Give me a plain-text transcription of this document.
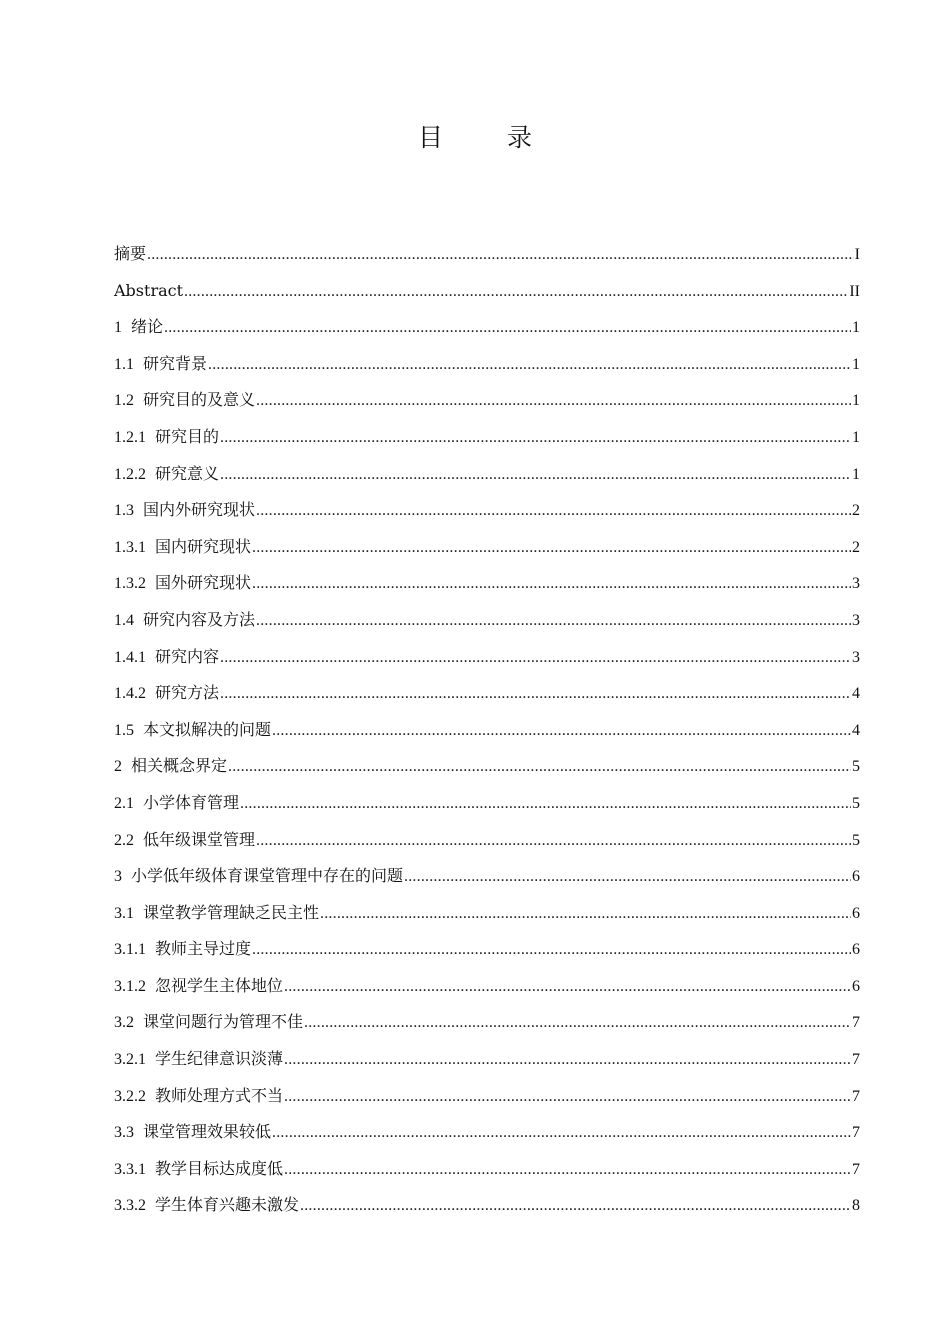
目 录
摘要 .....	I
Abstract .....	II
1 绪论 .....	1
1.1 研究背景 .....	1
1.2 研究目的及意义 .....	1
1.2.1 研究目的 .....	1
1.2.2 研究意义 .....	1
1.3 国内外研究现状 .....	2
1.3.1 国内研究现状 .....	2
1.3.2 国外研究现状 .....	3
1.4 研究内容及方法 .....	3
1.4.1 研究内容 .....	3
1.4.2 研究方法 .....	4
1.5 本文拟解决的问题 .....	4
2 相关概念界定 .....	5
2.1 小学体育管理 .....	5
2.2 低年级课堂管理 .....	5
3 小学低年级体育课堂管理中存在的问题 .....	6
3.1 课堂教学管理缺乏民主性 .....	6
3.1.1 教师主导过度 .....	6
3.1.2 忽视学生主体地位 .....	6
3.2 课堂问题行为管理不佳 .....	7
3.2.1 学生纪律意识淡薄 .....	7
3.2.2 教师处理方式不当 .....	7
3.3 课堂管理效果较低 .....	7
3.3.1 教学目标达成度低 .....	7
3.3.2 学生体育兴趣未激发 .....	8
